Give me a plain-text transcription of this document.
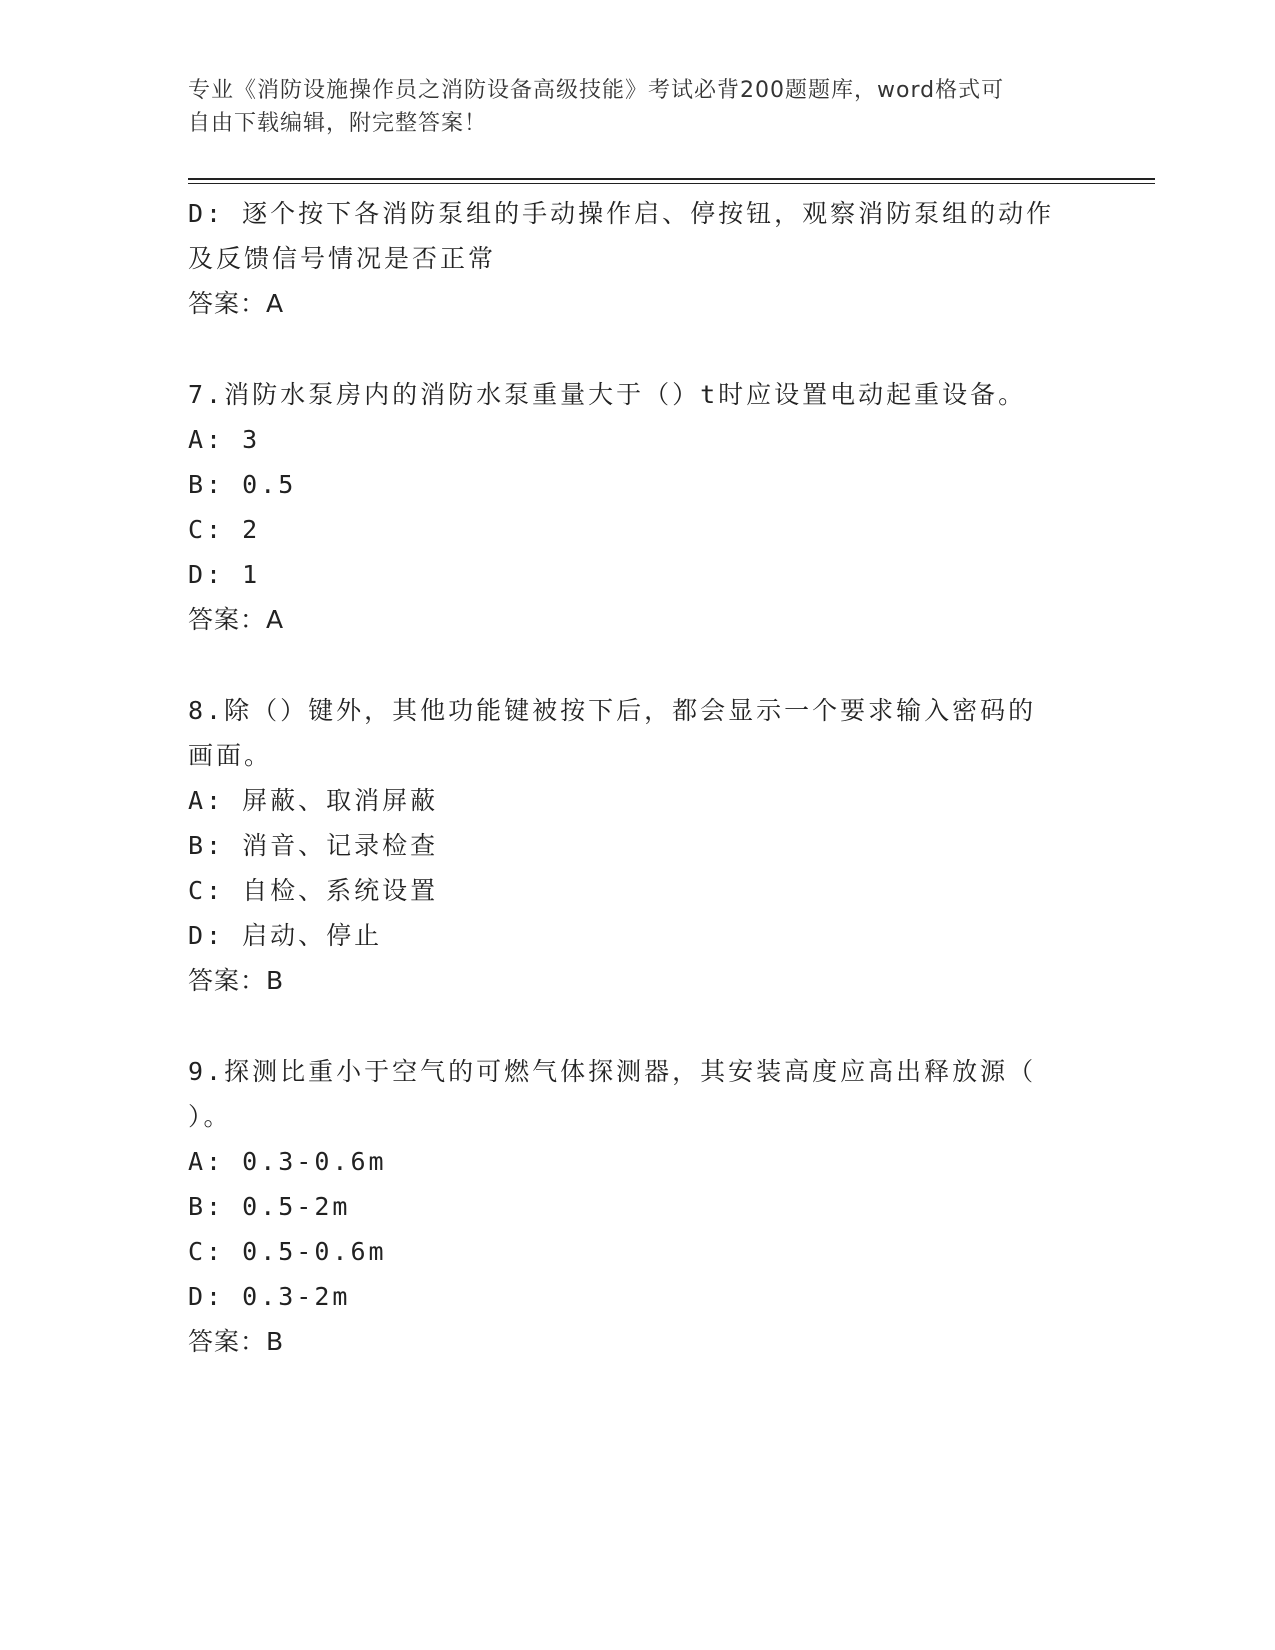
专业《消防设施操作员之消防设备高级技能》考试必背200题题库，word格式可
自由下载编辑，附完整答案！
D: 逐个按下各消防泵组的手动操作启、停按钮，观察消防泵组的动作
及反馈信号情况是否正常
答案：A
7.消防水泵房内的消防水泵重量大于（）t时应设置电动起重设备。
A: 3
B: 0.5
C: 2
D: 1
答案：A
8.除（）键外，其他功能键被按下后，都会显示一个要求输入密码的
画面。
A: 屏蔽、取消屏蔽
B: 消音、记录检查
C: 自检、系统设置
D: 启动、停止
答案：B
9.探测比重小于空气的可燃气体探测器，其安装高度应高出释放源（
）。
A: 0.3-0.6m
B: 0.5-2m
C: 0.5-0.6m
D: 0.3-2m
答案：B
